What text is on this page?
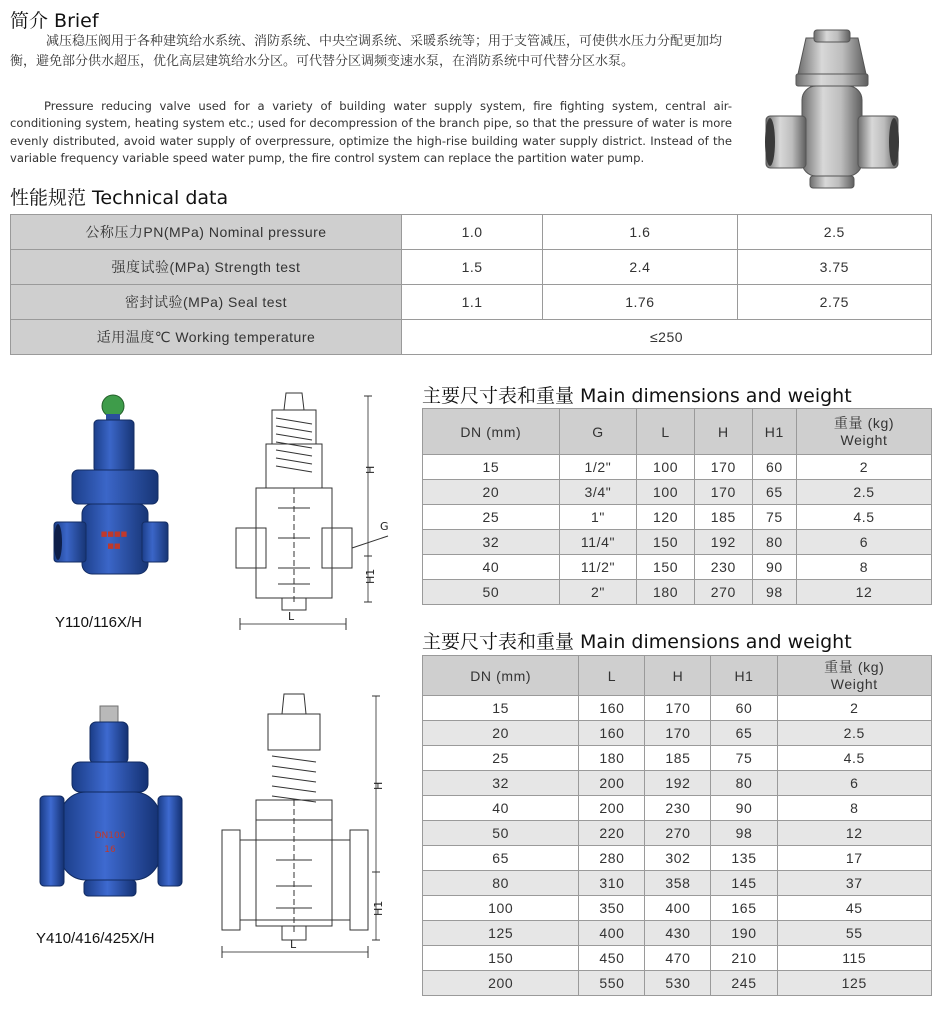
简介 Brief
减压稳压阀用于各种建筑给水系统、消防系统、中央空调系统、采暖系统等；用于支管减压，可使供水压力分配更加均衡，避免部分供水超压，优化高层建筑给水分区。可代替分区调频变速水泵，在消防系统中可代替分区水泵。
Pressure reducing valve used for a variety of building water supply system, fire fighting system, central air-conditioning system, heating system etc.; used for decompression of the branch pipe, so that the pressure of water is more evenly distributed, avoid water supply of overpressure, optimize the high-rise building water supply district. Instead of the variable frequency variable speed water pump, the fire control system can replace the partition water pump.
性能规范 Technical data
公称压力PN(MPa) Nominal pressure	1.0	1.6	2.5
强度试验(MPa) Strength test	1.5	2.4	3.75
密封试验(MPa) Seal test	1.1	1.76	2.75
适用温度℃ Working temperature	≤250		
■■■■
■■
Y110/116X/H
H
H1
L
G
主要尺寸表和重量 Main dimensions and weight
DN (mm)	G	L	H	H1	重量 (kg)
Weight
15	1/2"	100	170	60	2
20	3/4"	100	170	65	2.5
25	1"	120	185	75	4.5
32	11/4"	150	192	80	6
40	11/2"	150	230	90	8
50	2"	180	270	98	12
DN100
16
Y410/416/425X/H
H
H1
L
主要尺寸表和重量 Main dimensions and weight
DN (mm)	L	H	H1	重量 (kg)
Weight
15	160	170	60	2
20	160	170	65	2.5
25	180	185	75	4.5
32	200	192	80	6
40	200	230	90	8
50	220	270	98	12
65	280	302	135	17
80	310	358	145	37
100	350	400	165	45
125	400	430	190	55
150	450	470	210	115
200	550	530	245	125
